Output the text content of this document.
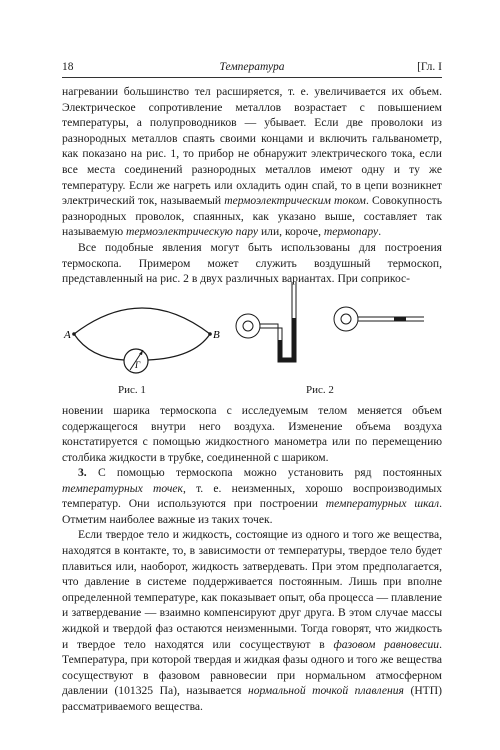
18	Температура	[Гл. I

нагревании большинство тел расширяется, т. е. увеличивается их объем. Электрическое сопротивление металлов возрастает с повышением температуры, а полупроводников — убывает. Если две проволоки из разнородных металлов спаять своими концами и включить гальванометр, как показано на рис. 1, то прибор не обнаружит электрического тока, если все места соединений разнородных металлов имеют одну и ту же температуру. Если же нагреть или охладить один спай, то в цепи возникнет электрический ток, называемый термоэлектрическим током. Совокупность разнородных проволок, спаянных, как указано выше, составляет так называемую термоэлектрическую пару или, короче, термопару.

Все подобные явления могут быть использованы для построения термоскопа. Примером может служить воздушный термоскоп, представленный на рис. 2 в двух различных вариантах. При соприкос-

A	B
Г
Рис. 1	Рис. 2

новении шарика термоскопа с исследуемым телом меняется объем содержащегося внутри него воздуха. Изменение объема воздуха констатируется с помощью жидкостного манометра или по перемещению столбика жидкости в трубке, соединенной с шариком.

3. С помощью термоскопа можно установить ряд постоянных температурных точек, т. е. неизменных, хорошо воспроизводимых температур. Они используются при построении температурных шкал. Отметим наиболее важные из таких точек.

Если твердое тело и жидкость, состоящие из одного и того же вещества, находятся в контакте, то, в зависимости от температуры, твердое тело будет плавиться или, наоборот, жидкость затвердевать. При этом предполагается, что давление в системе поддерживается постоянным. Лишь при вполне определенной температуре, как показывает опыт, оба процесса — плавление и затвердевание — взаимно компенсируют друг друга. В этом случае массы жидкой и твердой фаз остаются неизменными. Тогда говорят, что жидкость и твердое тело находятся или сосуществуют в фазовом равновесии. Температура, при которой твердая и жидкая фазы одного и того же вещества сосуществуют в фазовом равновесии при нормальном атмосферном давлении (101325 Па), называется нормальной точкой плавления (НТП) рассматриваемого вещества.
